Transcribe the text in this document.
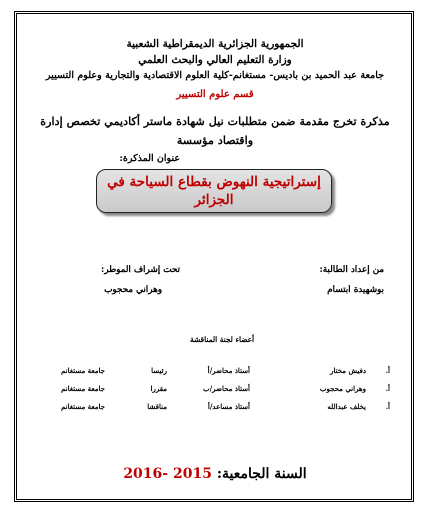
الجمهورية الجزائرية الديمقراطية الشعبية
وزارة التعليم العالي والبحث العلمي
جامعة عبد الحميد بن باديس- مستغانم-كلية العلوم الاقتصادية والتجارية وعلوم التسيير
قسم علوم التسيير
مذكرة تخرج مقدمة ضمن متطلبات نيل شهادة ماستر أكاديمي تخصص إدارة
واقتصاد مؤسسة
عنوان المذكرة:
إستراتيجية النهوض بقطاع السياحة في الجزائر
من إعداد الطالبة:
بوشهيدة ابتسام
تحت إشراف الموطر:
وهراني محجوب
أعضاء لجنة المناقشة
أ.
دفيش مختار
أستاذ محاضر/أ
رئيسا
جامعة مستغانم
أ.
وهراني محجوب
أستاذ محاضر/ب
مقررا
جامعة مستغانم
أ.
يخلف عبدالله
أستاذ مساعد/أ
مناقشا
جامعة مستغانم
السنة الجامعية: 2015 -2016
